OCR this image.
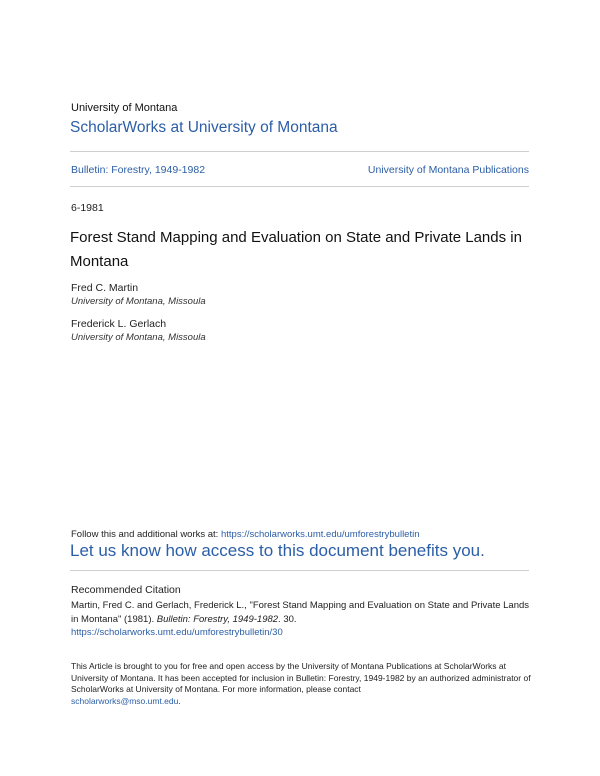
University of Montana
ScholarWorks at University of Montana
Bulletin: Forestry, 1949-1982	University of Montana Publications
6-1981
Forest Stand Mapping and Evaluation on State and Private Lands in Montana
Fred C. Martin
University of Montana, Missoula
Frederick L. Gerlach
University of Montana, Missoula
Follow this and additional works at: https://scholarworks.umt.edu/umforestrybulletin
Let us know how access to this document benefits you.
Recommended Citation
Martin, Fred C. and Gerlach, Frederick L., "Forest Stand Mapping and Evaluation on State and Private Lands in Montana" (1981). Bulletin: Forestry, 1949-1982. 30.
https://scholarworks.umt.edu/umforestrybulletin/30
This Article is brought to you for free and open access by the University of Montana Publications at ScholarWorks at University of Montana. It has been accepted for inclusion in Bulletin: Forestry, 1949-1982 by an authorized administrator of ScholarWorks at University of Montana. For more information, please contact
scholarworks@mso.umt.edu.
